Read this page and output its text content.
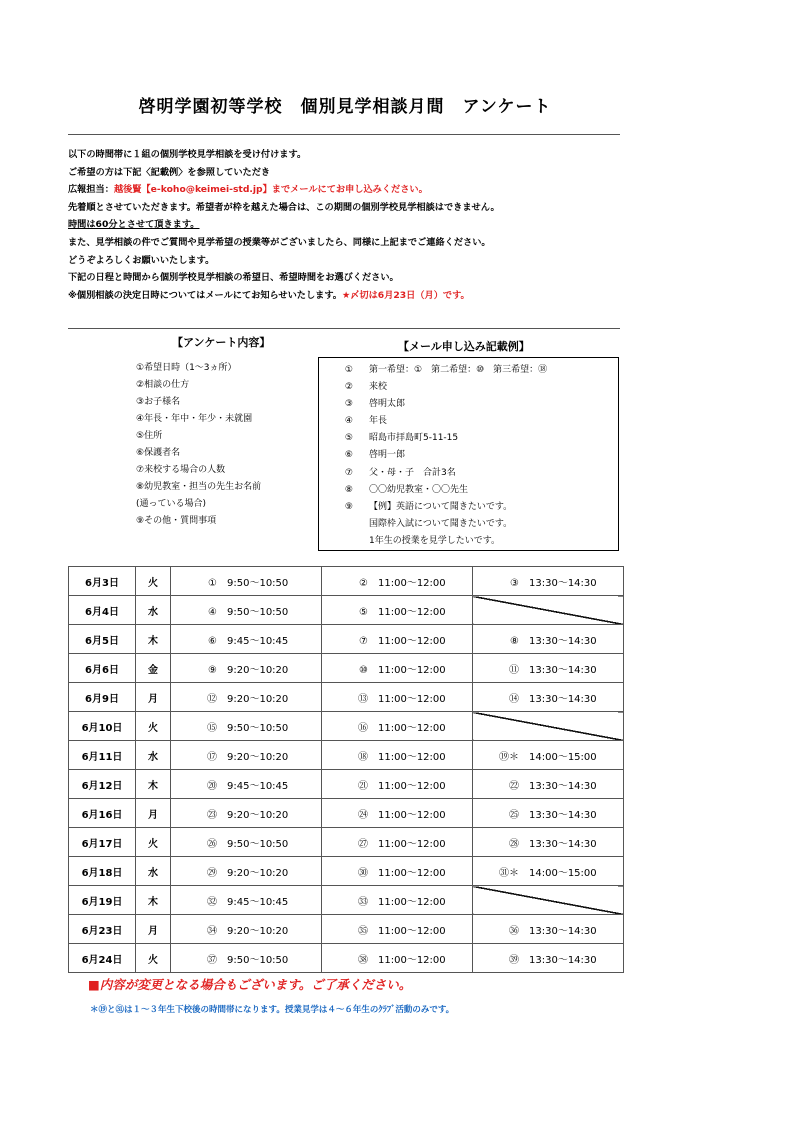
啓明学園初等学校　個別見学相談月間　アンケート
以下の時間帯に１組の個別学校見学相談を受け付けます。
ご希望の方は下記〈記載例〉を参照していただき
広報担当：越後賢【e-koho@keimei-std.jp】までメールにてお申し込みください。
先着順とさせていただきます。希望者が枠を越えた場合は、この期間の個別学校見学相談はできません。
時間は60分とさせて頂きます。
また、見学相談の件でご質問や見学希望の授業等がございましたら、同様に上記までご連絡ください。
どうぞよろしくお願いいたします。
下記の日程と時間から個別学校見学相談の希望日、希望時間をお選びください。
※個別相談の決定日時についてはメールにてお知らせいたします。★〆切は6月23日（月）です。
【アンケート内容】	【メール申し込み記載例】
①希望日時（1〜3ヵ所）
②相談の仕方
③お子様名
④年長・年中・年少・未就園
⑤住所
⑥保護者名
⑦来校する場合の人数
⑧幼児教室・担当の先生お名前
(通っている場合)
⑨その他・質問事項
①	第一希望：①　第二希望：⑩　第三希望：⑱
②	来校
③	啓明太郎
④	年長
⑤	昭島市拝島町5-11-15
⑥	啓明一郎
⑦	父・母・子　合計3名
⑧	〇〇幼児教室・〇〇先生
⑨	【例】英語について聞きたいです。
国際枠入試について聞きたいです。
1年生の授業を見学したいです。
6月3日	火	① 9:50〜10:50	② 11:00〜12:00	③ 13:30〜14:30
6月4日	水	④ 9:50〜10:50	⑤ 11:00〜12:00	
6月5日	木	⑥ 9:45〜10:45	⑦ 11:00〜12:00	⑧ 13:30〜14:30
6月6日	金	⑨ 9:20〜10:20	⑩ 11:00〜12:00	⑪ 13:30〜14:30
6月9日	月	⑫ 9:20〜10:20	⑬ 11:00〜12:00	⑭ 13:30〜14:30
6月10日	火	⑮ 9:50〜10:50	⑯ 11:00〜12:00	
6月11日	水	⑰ 9:20〜10:20	⑱ 11:00〜12:00	⑲＊ 14:00〜15:00
6月12日	木	⑳ 9:45〜10:45	㉑ 11:00〜12:00	㉒ 13:30〜14:30
6月16日	月	㉓ 9:20〜10:20	㉔ 11:00〜12:00	㉕ 13:30〜14:30
6月17日	火	㉖ 9:50〜10:50	㉗ 11:00〜12:00	㉘ 13:30〜14:30
6月18日	水	㉙ 9:20〜10:20	㉚ 11:00〜12:00	㉛＊ 14:00〜15:00
6月19日	木	㉜ 9:45〜10:45	㉝ 11:00〜12:00	
6月23日	月	㉞ 9:20〜10:20	㉟ 11:00〜12:00	㊱ 13:30〜14:30
6月24日	火	㊲ 9:50〜10:50	㊳ 11:00〜12:00	㊴ 13:30〜14:30
■内容が変更となる場合もございます。ご了承ください。
＊⑲と㉛は１～３年生下校後の時間帯になります。授業見学は４～６年生のｸﾗﾌﾞ活動のみです。
